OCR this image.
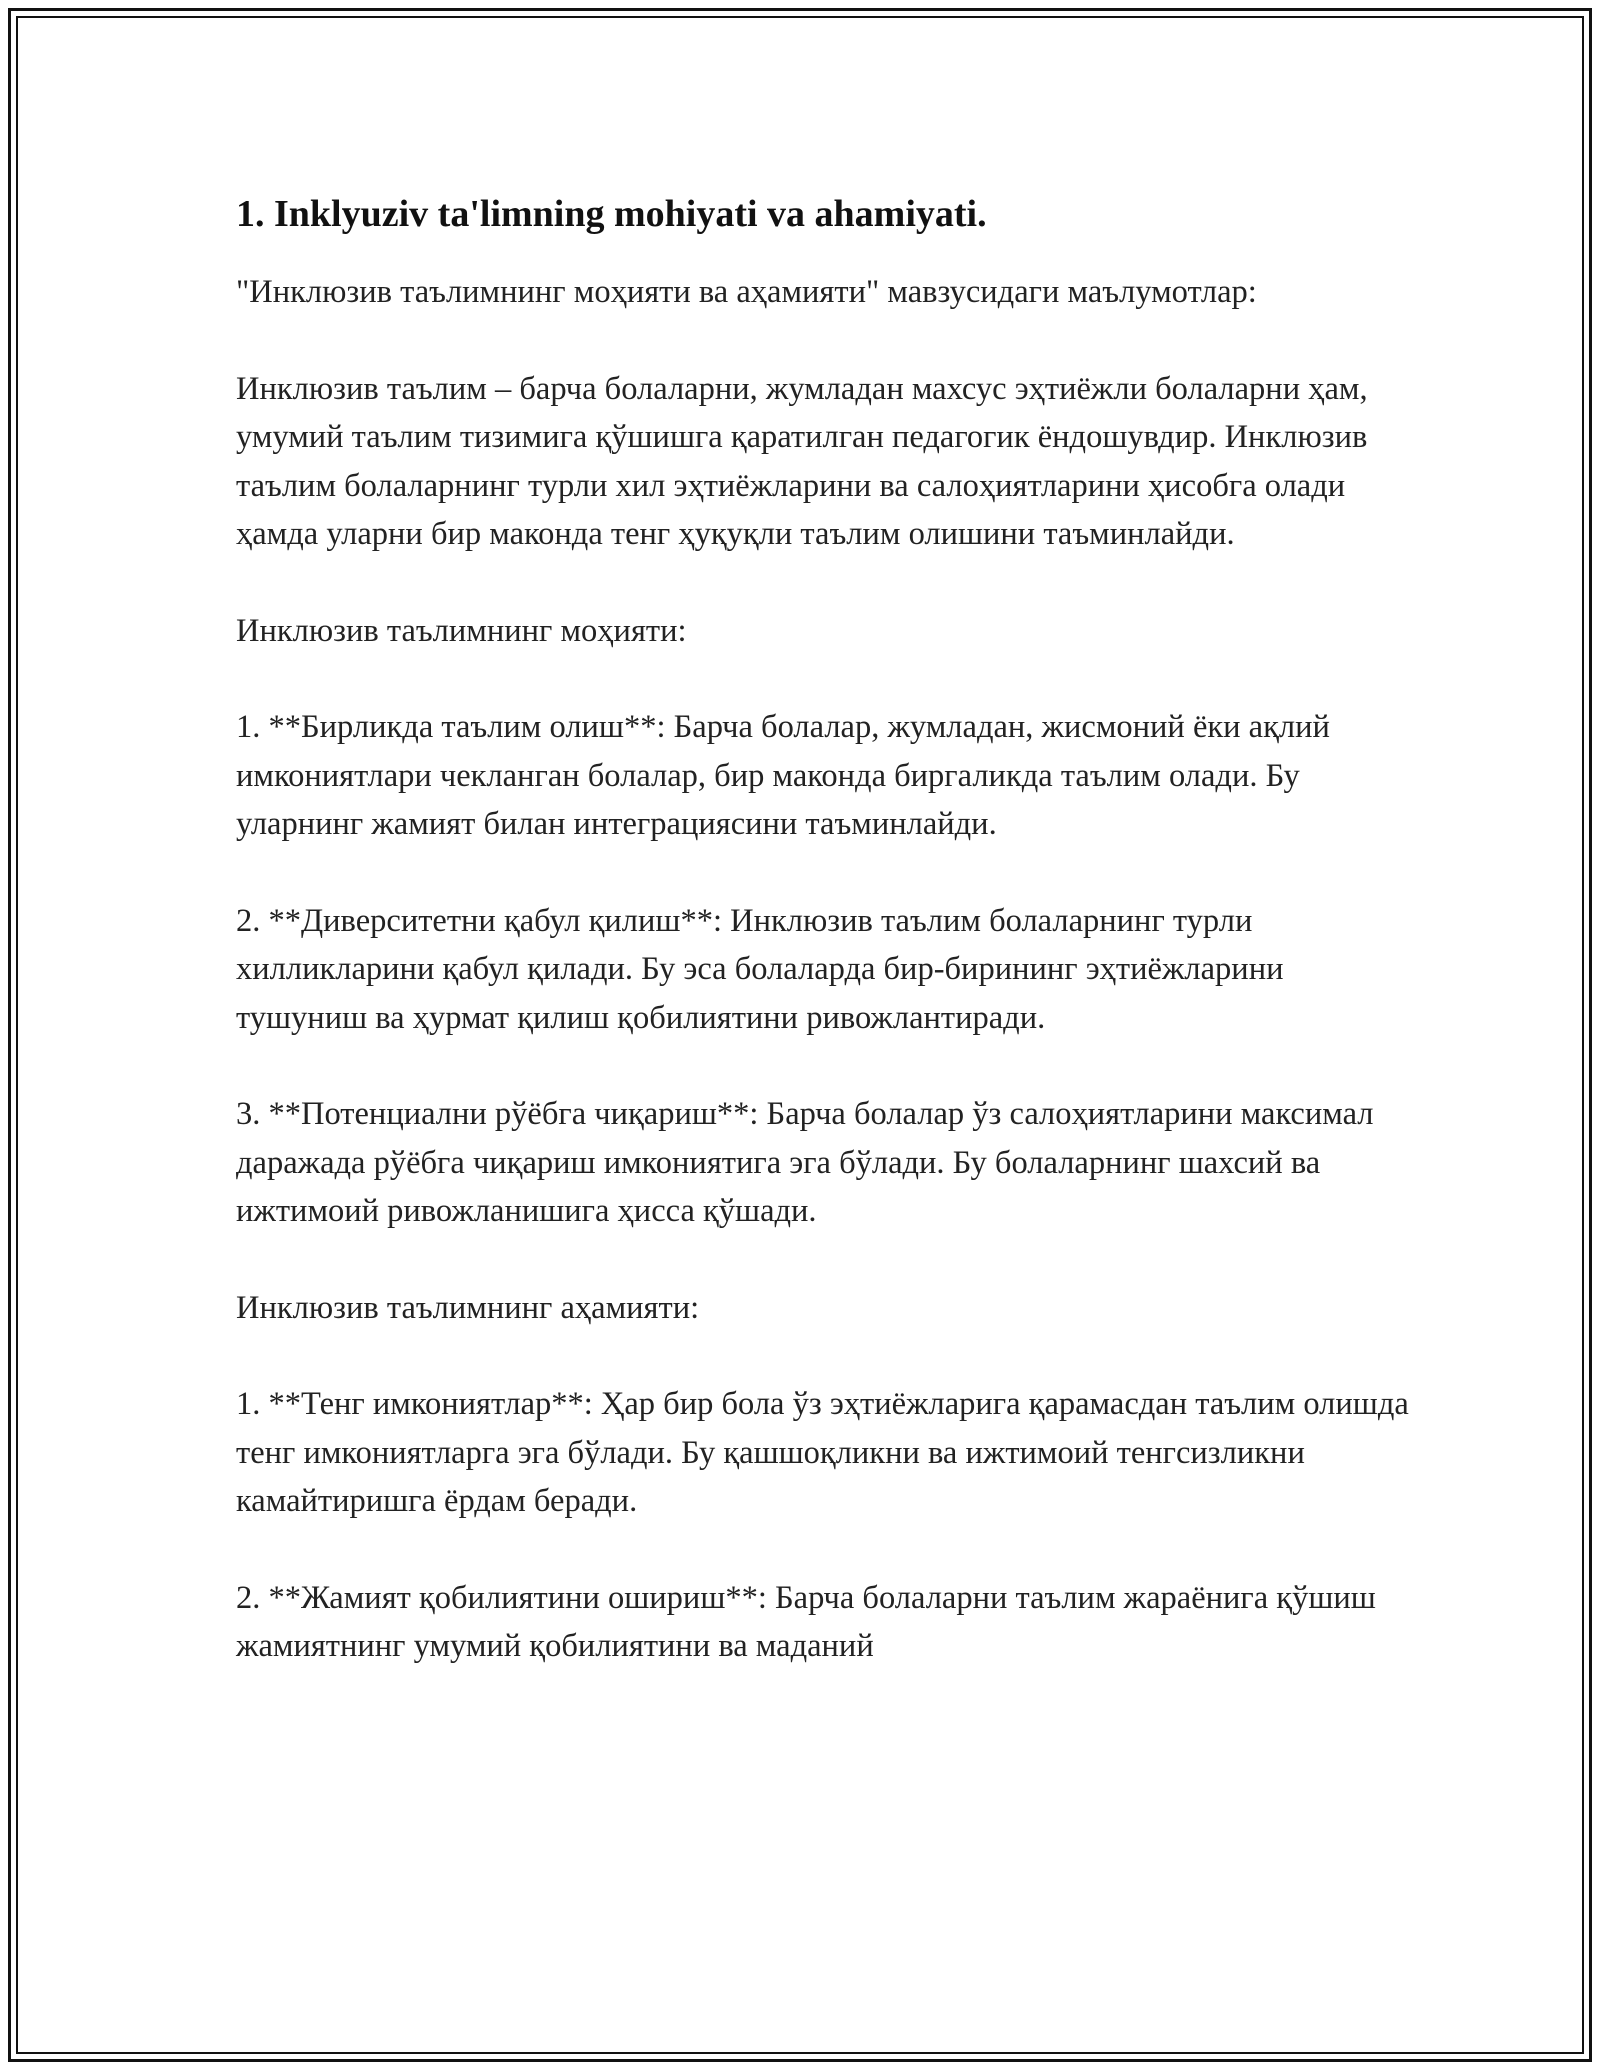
1. Inklyuziv ta'limning mohiyati va ahamiyati.

"Инклюзив таълимнинг моҳияти ва аҳамияти" мавзусидаги маълумотлар:

Инклюзив таълим – барча болаларни, жумладан махсус эҳтиёжли болаларни ҳам, умумий таълим тизимига қўшишга қаратилган педагогик ёндошувдир. Инклюзив таълим болаларнинг турли хил эҳтиёжларини ва салоҳиятларини ҳисобга олади ҳамда уларни бир маконда тенг ҳуқуқли таълим олишини таъминлайди.

Инклюзив таълимнинг моҳияти:

1. **Бирликда таълим олиш**: Барча болалар, жумладан, жисмоний ёки ақлий имкониятлари чекланган болалар, бир маконда биргаликда таълим олади. Бу уларнинг жамият билан интеграциясини таъминлайди.

2. **Диверситетни қабул қилиш**: Инклюзив таълим болаларнинг турли хилликларини қабул қилади. Бу эса болаларда бир-бирининг эҳтиёжларини тушуниш ва ҳурмат қилиш қобилиятини ривожлантиради.

3. **Потенциални рўёбга чиқариш**: Барча болалар ўз салоҳиятларини максимал даражада рўёбга чиқариш имкониятига эга бўлади. Бу болаларнинг шахсий ва ижтимоий ривожланишига ҳисса қўшади.

Инклюзив таълимнинг аҳамияти:

1. **Тенг имкониятлар**: Ҳар бир бола ўз эҳтиёжларига қарамасдан таълим олишда тенг имкониятларга эга бўлади. Бу қашшоқликни ва ижтимоий тенгсизликни камайтиришга ёрдам беради.

2. **Жамият қобилиятини ошириш**: Барча болаларни таълим жараёнига қўшиш жамиятнинг умумий қобилиятини ва маданий
